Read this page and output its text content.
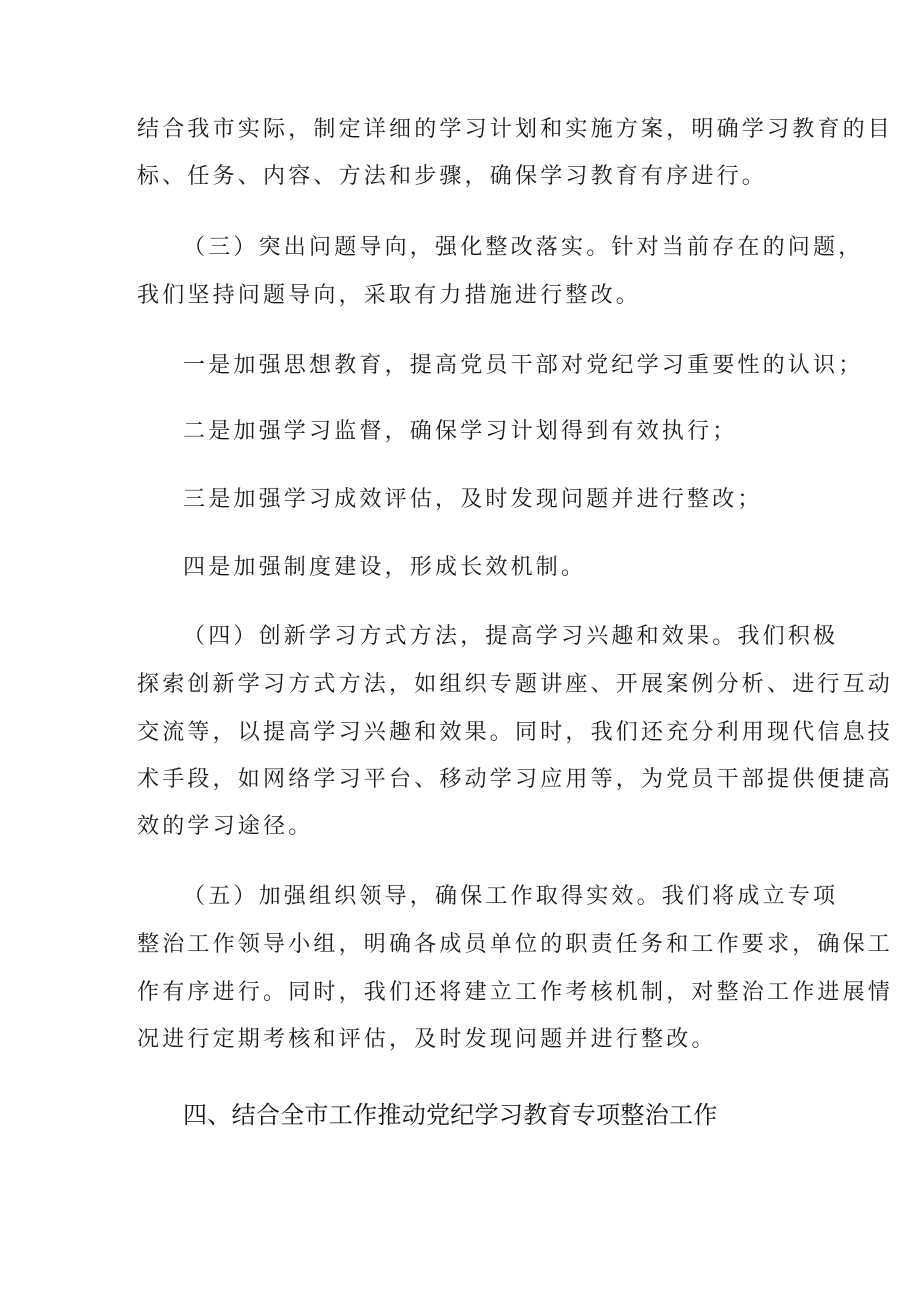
结合我市实际，制定详细的学习计划和实施方案，明确学习教育的目
标、任务、内容、方法和步骤，确保学习教育有序进行。
（三）突出问题导向，强化整改落实。针对当前存在的问题，
我们坚持问题导向，采取有力措施进行整改。
一是加强思想教育，提高党员干部对党纪学习重要性的认识；
二是加强学习监督，确保学习计划得到有效执行；
三是加强学习成效评估，及时发现问题并进行整改；
四是加强制度建设，形成长效机制。
（四）创新学习方式方法，提高学习兴趣和效果。我们积极
探索创新学习方式方法，如组织专题讲座、开展案例分析、进行互动
交流等，以提高学习兴趣和效果。同时，我们还充分利用现代信息技
术手段，如网络学习平台、移动学习应用等，为党员干部提供便捷高
效的学习途径。
（五）加强组织领导，确保工作取得实效。我们将成立专项
整治工作领导小组，明确各成员单位的职责任务和工作要求，确保工
作有序进行。同时，我们还将建立工作考核机制，对整治工作进展情
况进行定期考核和评估，及时发现问题并进行整改。
四、结合全市工作推动党纪学习教育专项整治工作
